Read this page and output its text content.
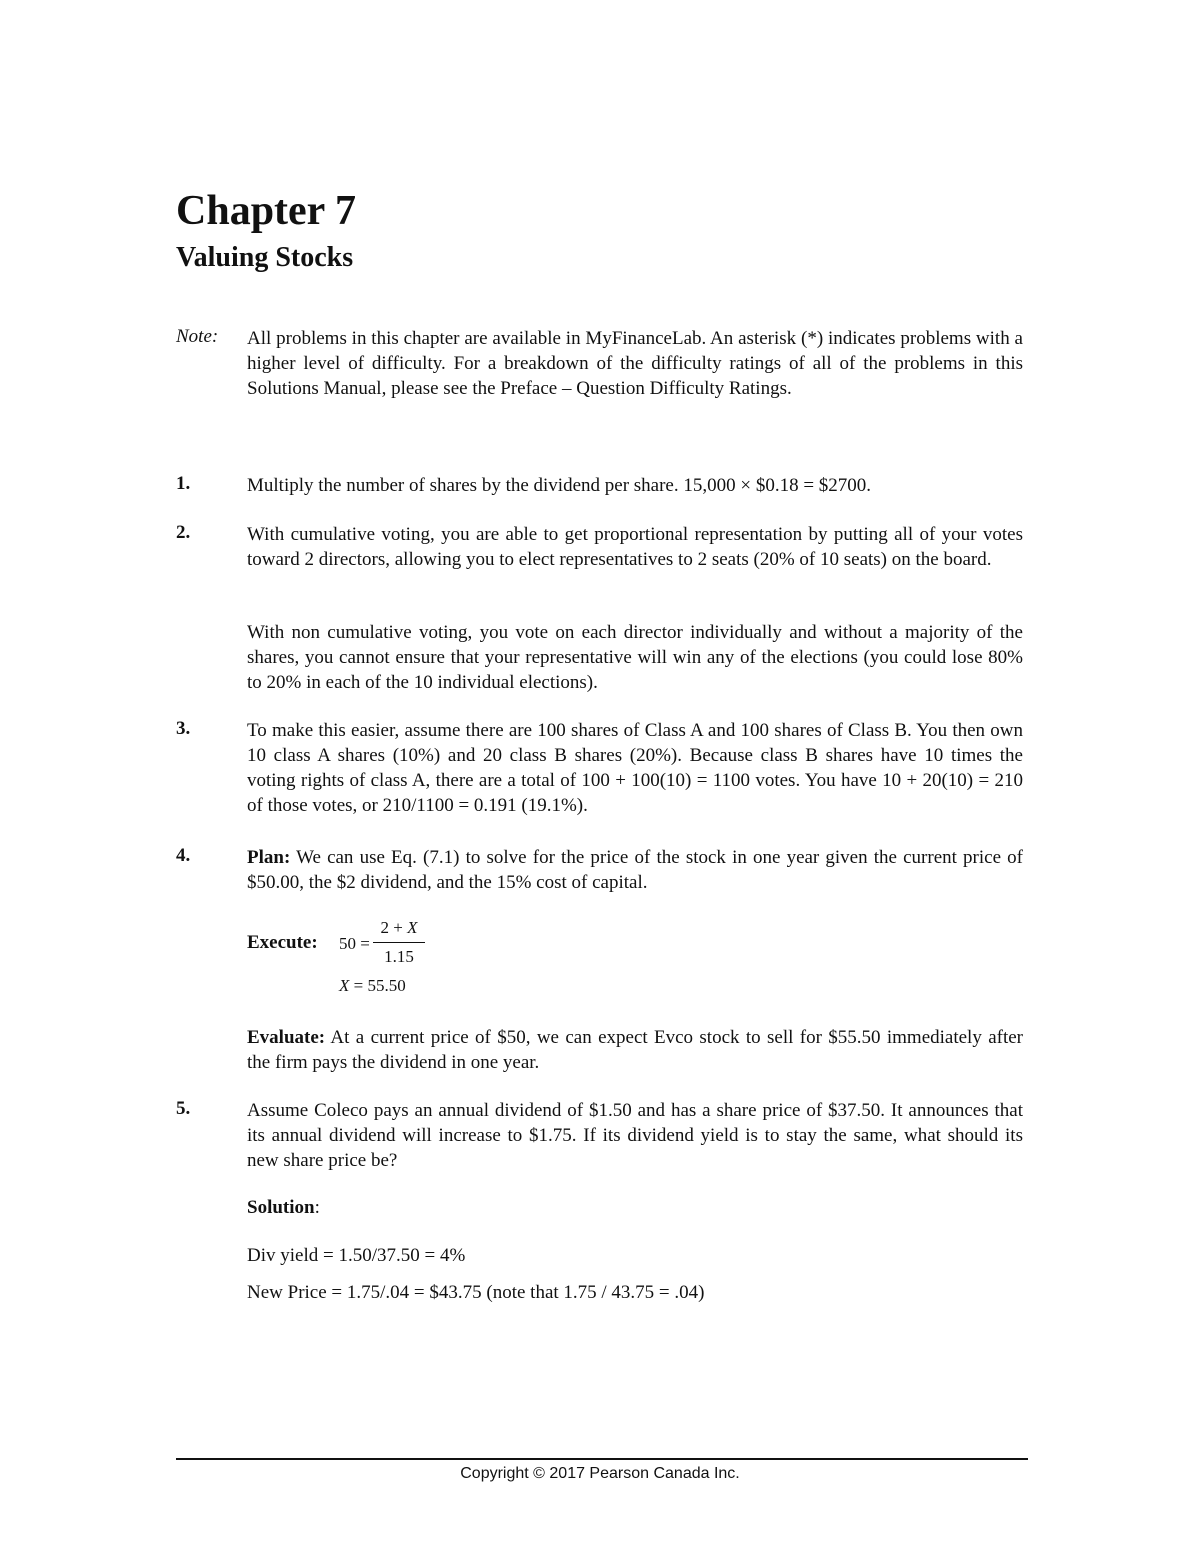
Chapter 7
Valuing Stocks
Note: All problems in this chapter are available in MyFinanceLab. An asterisk (*) indicates problems with a higher level of difficulty. For a breakdown of the difficulty ratings of all of the problems in this Solutions Manual, please see the Preface – Question Difficulty Ratings.

1.	Multiply the number of shares by the dividend per share. 15,000 × $0.18 = $2700.

2.	With cumulative voting, you are able to get proportional representation by putting all of your votes toward 2 directors, allowing you to elect representatives to 2 seats (20% of 10 seats) on the board.

With non cumulative voting, you vote on each director individually and without a majority of the shares, you cannot ensure that your representative will win any of the elections (you could lose 80% to 20% in each of the 10 individual elections).

3.	To make this easier, assume there are 100 shares of Class A and 100 shares of Class B. You then own 10 class A shares (10%) and 20 class B shares (20%). Because class B shares have 10 times the voting rights of class A, there are a total of 100 + 100(10) = 1100 votes. You have 10 + 20(10) = 210 of those votes, or 210/1100 = 0.191 (19.1%).

4.	Plan: We can use Eq. (7.1) to solve for the price of the stock in one year given the current price of $50.00, the $2 dividend, and the 15% cost of capital.

Execute: 50 =
2 + X
1.15
X = 55.50

Evaluate: At a current price of $50, we can expect Evco stock to sell for $55.50 immediately after the firm pays the dividend in one year.

5.	Assume Coleco pays an annual dividend of $1.50 and has a share price of $37.50. It announces that its annual dividend will increase to $1.75. If its dividend yield is to stay the same, what should its new share price be?

Solution:

Div yield = 1.50/37.50 = 4%

New Price = 1.75/.04 = $43.75 (note that 1.75 / 43.75 = .04)

Copyright © 2017 Pearson Canada Inc.
